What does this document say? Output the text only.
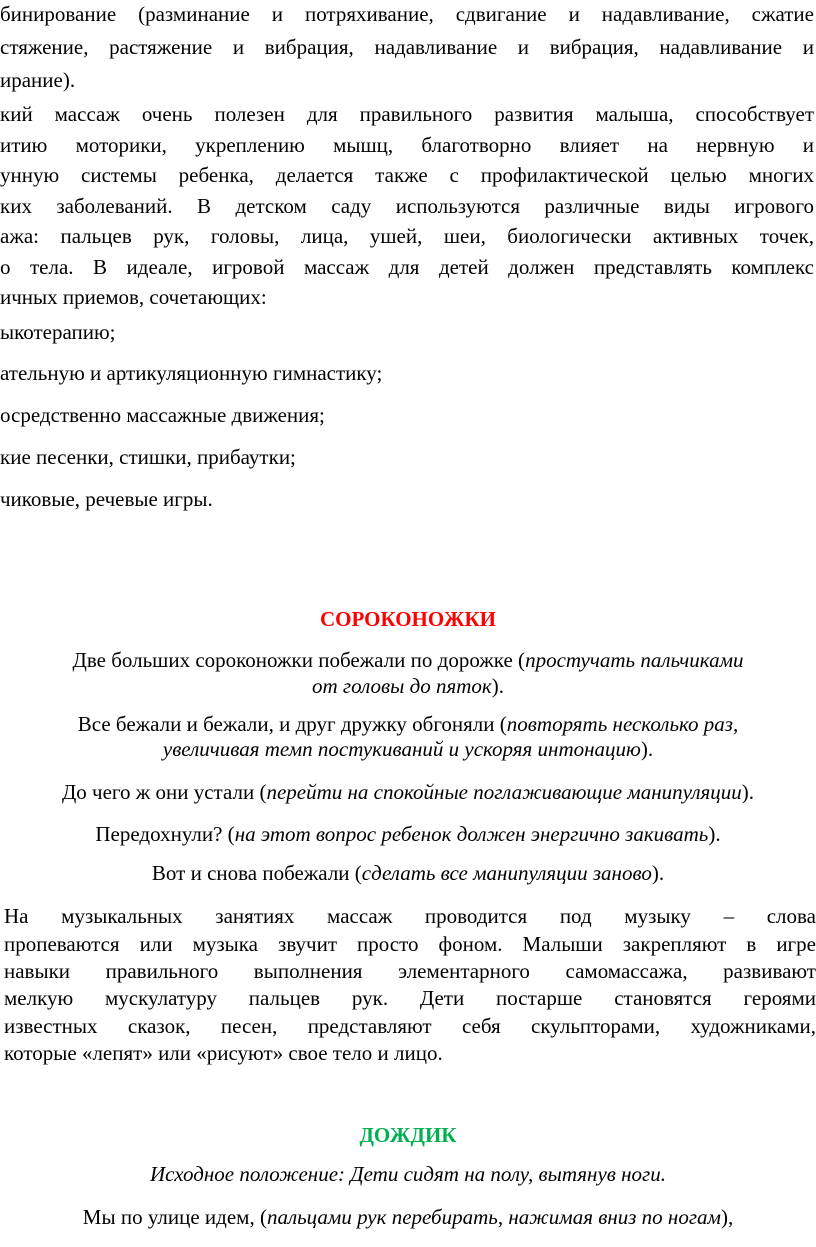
бинирование (разминание и потряхивание, сдвигание и надавливание, сжатие
стяжение, растяжение и вибрация, надавливание и вибрация, надавливание и
ирание).
кий массаж очень полезен для правильного развития малыша, способствует
итию моторики, укреплению мышц, благотворно влияет на нервную и
унную системы ребенка, делается также с профилактической целью многих
ких заболеваний. В детском саду используются различные виды игрового
ажа: пальцев рук, головы, лица, ушей, шеи, биологически активных точек,
о тела. В идеале, игровой массаж для детей должен представлять комплекс
ичных приемов, сочетающих:
ыкотерапию;
ательную и артикуляционную гимнастику;
осредственно массажные движения;
кие песенки, стишки, прибаутки;
чиковые, речевые игры.
СОРОКОНОЖКИ
Две больших сороконожки побежали по дорожке (простучать пальчиками
от головы до пяток).
Все бежали и бежали, и друг дружку обгоняли (повторять несколько раз,
увеличивая темп постукиваний и ускоряя интонацию).
До чего ж они устали (перейти на спокойные поглаживающие манипуляции).
Передохнули? (на этот вопрос ребенок должен энергично закивать).
Вот и снова побежали (сделать все манипуляции заново).
На музыкальных занятиях массаж проводится под музыку – слова
пропеваются или музыка звучит просто фоном. Малыши закрепляют в игре
навыки правильного выполнения элементарного самомассажа, развивают
мелкую мускулатуру пальцев рук. Дети постарше становятся героями
известных сказок, песен, представляют себя скульпторами, художниками,
которые «лепят» или «рисуют» свое тело и лицо.
ДОЖДИК
Исходное положение: Дети сидят на полу, вытянув ноги.
Мы по улице идем, (пальцами рук перебирать, нажимая вниз по ногам),
